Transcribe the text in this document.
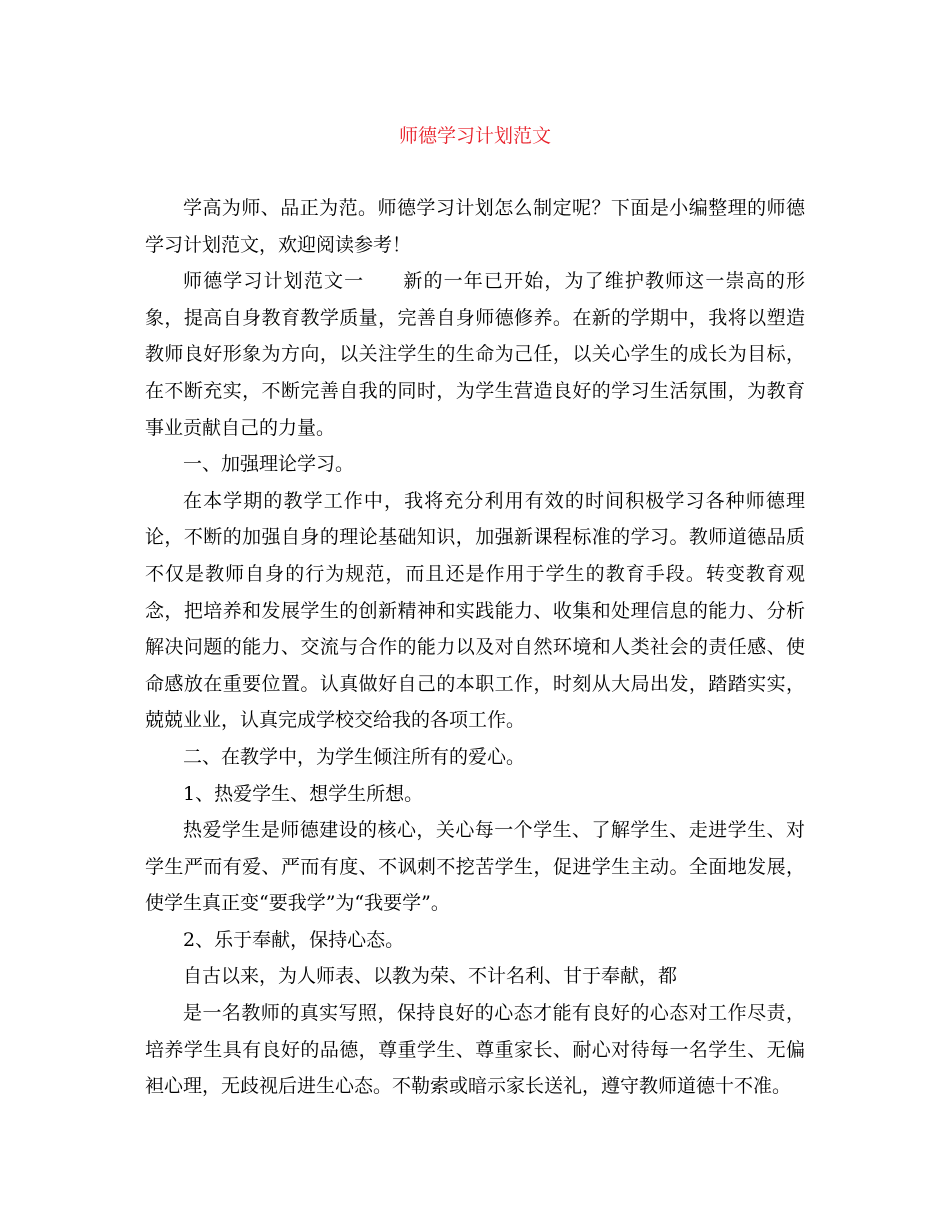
师德学习计划范文

学高为师、品正为范。师德学习计划怎么制定呢？下面是小编整理的师德学习计划范文，欢迎阅读参考！

师德学习计划范文一 新的一年已开始，为了维护教师这一崇高的形象，提高自身教育教学质量，完善自身师德修养。在新的学期中，我将以塑造教师良好形象为方向，以关注学生的生命为己任，以关心学生的成长为目标，在不断充实，不断完善自我的同时，为学生营造良好的学习生活氛围，为教育事业贡献自己的力量。

一、加强理论学习。

在本学期的教学工作中，我将充分利用有效的时间积极学习各种师德理论，不断的加强自身的理论基础知识，加强新课程标准的学习。教师道德品质不仅是教师自身的行为规范，而且还是作用于学生的教育手段。转变教育观念，把培养和发展学生的创新精神和实践能力、收集和处理信息的能力、分析解决问题的能力、交流与合作的能力以及对自然环境和人类社会的责任感、使命感放在重要位置。认真做好自己的本职工作，时刻从大局出发，踏踏实实，兢兢业业，认真完成学校交给我的各项工作。

二、在教学中，为学生倾注所有的爱心。

1、热爱学生、想学生所想。

热爱学生是师德建设的核心，关心每一个学生、了解学生、走进学生、对学生严而有爱、严而有度、不讽刺不挖苦学生，促进学生主动。全面地发展，使学生真正变“要我学”为“我要学”。

2、乐于奉献，保持心态。

自古以来，为人师表、以教为荣、不计名利、甘于奉献，都

是一名教师的真实写照，保持良好的心态才能有良好的心态对工作尽责，培养学生具有良好的品德，尊重学生、尊重家长、耐心对待每一名学生、无偏袒心理，无歧视后进生心态。不勒索或暗示家长送礼，遵守教师道德十不准。
